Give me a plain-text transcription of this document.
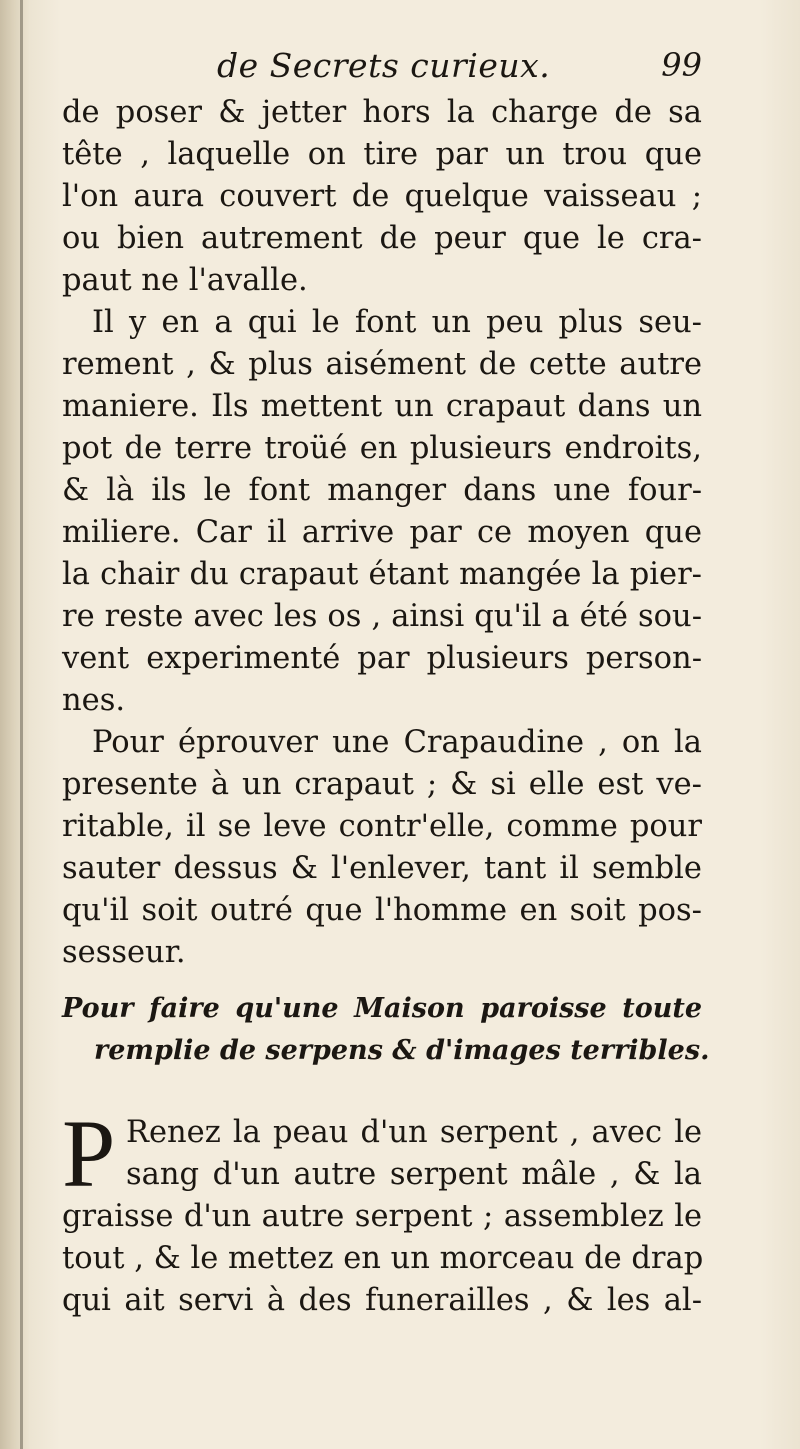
de Secrets curieux.	99
de poser & jetter hors la charge de sa
tête , laquelle on tire par un trou que
l'on aura couvert de quelque vaisseau ;
ou bien autrement de peur que le cra-
paut ne l'avalle.
Il y en a qui le font un peu plus seu-
rement , & plus aisément de cette autre
maniere. Ils mettent un crapaut dans un
pot de terre troüé en plusieurs endroits,
& là ils le font manger dans une four-
miliere. Car il arrive par ce moyen que
la chair du crapaut étant mangée la pier-
re reste avec les os , ainsi qu'il a été sou-
vent experimenté par plusieurs person-
nes.
Pour éprouver une Crapaudine , on la
presente à un crapaut ; & si elle est ve-
ritable, il se leve contr'elle, comme pour
sauter dessus & l'enlever, tant il semble
qu'il soit outré que l'homme en soit pos-
sesseur.
Pour faire qu'une Maison paroisse toute
remplie de serpens & d'images terribles.
P Renez la peau d'un serpent , avec le
sang d'un autre serpent mâle , & la
graisse d'un autre serpent ; assemblez le
tout , & le mettez en un morceau de drap
qui ait servi à des funerailles , & les al-
